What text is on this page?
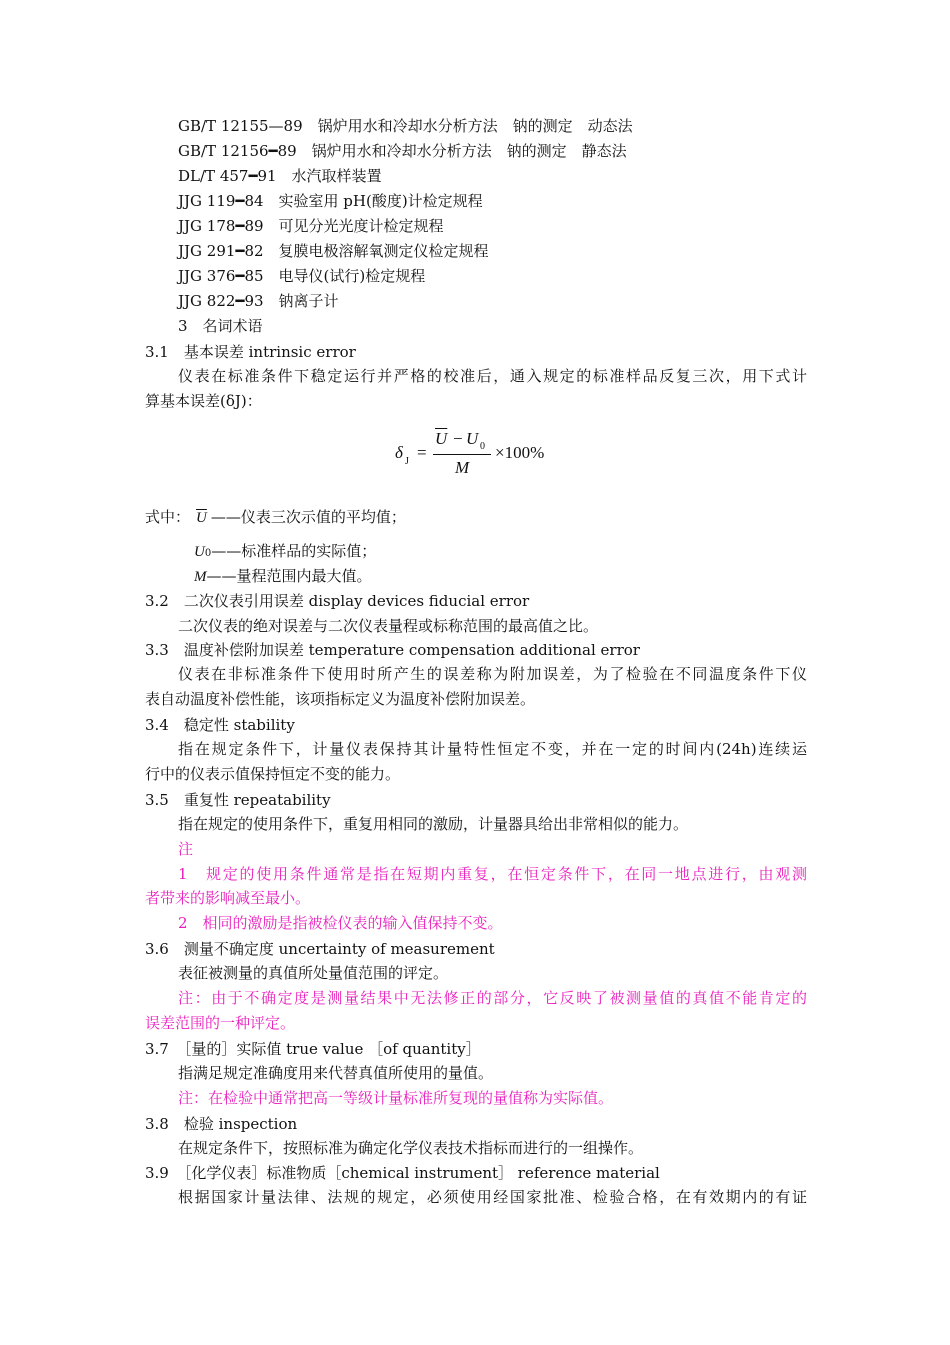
GB/T 12155—89　锅炉用水和冷却水分析方法　钠的测定　动态法
GB/T 12156━89　锅炉用水和冷却水分析方法　钠的测定　静态法
DL/T 457━91　水汽取样装置
JJG 119━84　实验室用 pH(酸度)计检定规程
JJG 178━89　可见分光光度计检定规程
JJG 291━82　复膜电极溶解氧测定仪检定规程
JJG 376━85　电导仪(试行)检定规程
JJG 822━93　钠离子计
3　名词术语
3.1　基本误差 intrinsic error
仪表在标准条件下稳定运行并严格的校准后，通入规定的标准样品反复三次，用下式计
算基本误差(δJ)：
δ J =
$\overline{U} - U$ 0
M
×100%
式中： $\overline{U}$ ——仪表三次示值的平均值；
U0——标准样品的实际值；
M——量程范围内最大值。
3.2　二次仪表引用误差 display devices fiducial error
二次仪表的绝对误差与二次仪表量程或标称范围的最高值之比。
3.3　温度补偿附加误差 temperature compensation additional error
仪表在非标准条件下使用时所产生的误差称为附加误差，为了检验在不同温度条件下仪
表自动温度补偿性能，该项指标定义为温度补偿附加误差。
3.4　稳定性 stability
指在规定条件下，计量仪表保持其计量特性恒定不变，并在一定的时间内(24h)连续运
行中的仪表示值保持恒定不变的能力。
3.5　重复性 repeatability
指在规定的使用条件下，重复用相同的激励，计量器具给出非常相似的能力。
注
1　规定的使用条件通常是指在短期内重复，在恒定条件下，在同一地点进行，由观测
者带来的影响减至最小。
2　相同的激励是指被检仪表的输入值保持不变。
3.6　测量不确定度 uncertainty of measurement
表征被测量的真值所处量值范围的评定。
注：由于不确定度是测量结果中无法修正的部分，它反映了被测量值的真值不能肯定的
误差范围的一种评定。
3.7　［量的］实际值 true value ［of quantity］
指满足规定准确度用来代替真值所使用的量值。
注：在检验中通常把高一等级计量标准所复现的量值称为实际值。
3.8　检验 inspection
在规定条件下，按照标准为确定化学仪表技术指标而进行的一组操作。
3.9　［化学仪表］标准物质［chemical instrument］ reference material
根据国家计量法律、法规的规定，必须使用经国家批准、检验合格，在有效期内的有证
